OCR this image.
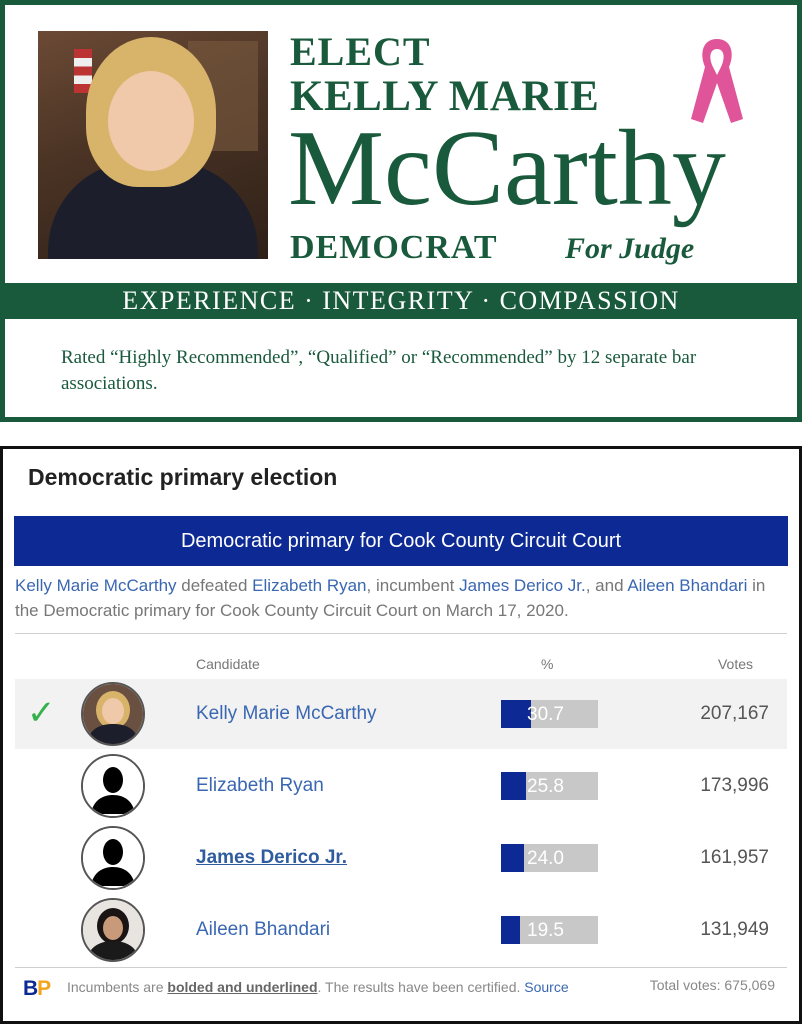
ELECT
KELLY MARIE
McCarthy
DEMOCRAT For Judge
EXPERIENCE · INTEGRITY · COMPASSION
Rated “Highly Recommended”, “Qualified” or “Recommended” by 12 separate bar associations.
Democratic primary election
Democratic primary for Cook County Circuit Court
Kelly Marie McCarthy defeated Elizabeth Ryan, incumbent James Derico Jr., and Aileen Bhandari in the Democratic primary for Cook County Circuit Court on March 17, 2020.
Candidate	%	Votes
✓	Kelly Marie McCarthy	30.7	207,167
Elizabeth Ryan	25.8	173,996
James Derico Jr.	24.0	161,957
Aileen Bhandari	19.5	131,949
BP Incumbents are bolded and underlined. The results have been certified. Source	Total votes: 675,069
